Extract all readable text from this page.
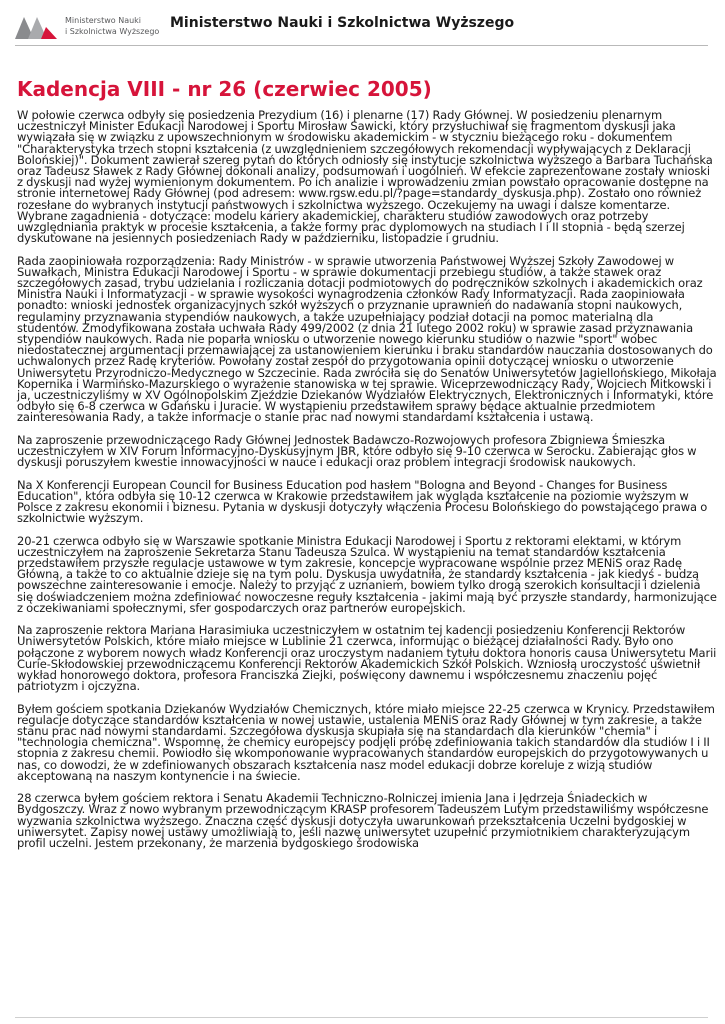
Ministerstwo Nauki
i Szkolnictwa Wyższego Ministerstwo Nauki i Szkolnictwa Wyższego
Kadencja VIII - nr 26 (czerwiec 2005)

W połowie czerwca odbyły się posiedzenia Prezydium (16) i plenarne (17) Rady Głównej. W posiedzeniu plenarnym uczestniczył Minister Edukacji Narodowej i Sportu Mirosław Sawicki, który przysłuchiwał się fragmentom dyskusji jaka wywiązała się w związku z upowszechnionym w środowisku akademickim - w styczniu bieżącego roku - dokumentem "Charakterystyka trzech stopni kształcenia (z uwzględnieniem szczegółowych rekomendacji wypływających z Deklaracji Bolońskiej)". Dokument zawierał szereg pytań do których odniosły się instytucje szkolnictwa wyższego a Barbara Tuchańska oraz Tadeusz Sławek z Rady Głównej dokonali analizy, podsumowań i uogólnień. W efekcie zaprezentowane zostały wnioski z dyskusji nad wyżej wymienionym dokumentem. Po ich analizie i wprowadzeniu zmian powstało opracowanie dostępne na stronie internetowej Rady Głównej (pod adresem: www.rgsw.edu.pl/?page=standardy_dyskusja.php). Zostało ono również rozesłane do wybranych instytucji państwowych i szkolnictwa wyższego. Oczekujemy na uwagi i dalsze komentarze. Wybrane zagadnienia - dotyczące: modelu kariery akademickiej, charakteru studiów zawodowych oraz potrzeby uwzględniania praktyk w procesie kształcenia, a także formy prac dyplomowych na studiach I i II stopnia - będą szerzej dyskutowane na jesiennych posiedzeniach Rady w październiku, listopadzie i grudniu.

Rada zaopiniowała rozporządzenia: Rady Ministrów - w sprawie utworzenia Państwowej Wyższej Szkoły Zawodowej w Suwałkach, Ministra Edukacji Narodowej i Sportu - w sprawie dokumentacji przebiegu studiów, a także stawek oraz szczegółowych zasad, trybu udzielania i rozliczania dotacji podmiotowych do podręczników szkolnych i akademickich oraz Ministra Nauki i Informatyzacji - w sprawie wysokości wynagrodzenia członków Rady Informatyzacji. Rada zaopiniowała ponadto: wnioski jednostek organizacyjnych szkół wyższych o przyznanie uprawnień do nadawania stopni naukowych, regulaminy przyznawania stypendiów naukowych, a także uzupełniający podział dotacji na pomoc materialną dla studentów. Zmodyfikowana została uchwała Rady 499/2002 (z dnia 21 lutego 2002 roku) w sprawie zasad przyznawania stypendiów naukowych. Rada nie poparła wniosku o utworzenie nowego kierunku studiów o nazwie "sport" wobec niedostatecznej argumentacji przemawiającej za ustanowieniem kierunku i braku standardów nauczania dostosowanych do uchwalonych przez Radę kryteriów. Powołany został zespół do przygotowania opinii dotyczącej wniosku o utworzenie Uniwersytetu Przyrodniczo-Medycznego w Szczecinie. Rada zwróciła się do Senatów Uniwersytetów Jagiellońskiego, Mikołaja Kopernika i Warmińsko-Mazurskiego o wyrażenie stanowiska w tej sprawie. Wiceprzewodniczący Rady, Wojciech Mitkowski i ja, uczestniczyliśmy w XV Ogólnopolskim Zjeździe Dziekanów Wydziałów Elektrycznych, Elektronicznych i Informatyki, które odbyło się 6-8 czerwca w Gdańsku i Juracie. W wystąpieniu przedstawiłem sprawy będące aktualnie przedmiotem zainteresowania Rady, a także informacje o stanie prac nad nowymi standardami kształcenia i ustawą.

Na zaproszenie przewodniczącego Rady Głównej Jednostek Badawczo-Rozwojowych profesora Zbigniewa Śmieszka uczestniczyłem w XIV Forum Informacyjno-Dyskusyjnym JBR, które odbyło się 9-10 czerwca w Serocku. Zabierając głos w dyskusji poruszyłem kwestie innowacyjności w nauce i edukacji oraz problem integracji środowisk naukowych.

Na X Konferencji European Council for Business Education pod hasłem "Bologna and Beyond - Changes for Business Education", która odbyła się 10-12 czerwca w Krakowie przedstawiłem jak wygląda kształcenie na poziomie wyższym w Polsce z zakresu ekonomii i biznesu. Pytania w dyskusji dotyczyły włączenia Procesu Bolońskiego do powstającego prawa o szkolnictwie wyższym.

20-21 czerwca odbyło się w Warszawie spotkanie Ministra Edukacji Narodowej i Sportu z rektorami elektami, w którym uczestniczyłem na zaproszenie Sekretarza Stanu Tadeusza Szulca. W wystąpieniu na temat standardów kształcenia przedstawiłem przyszłe regulacje ustawowe w tym zakresie, koncepcje wypracowane wspólnie przez MENiS oraz Radę Główną, a także to co aktualnie dzieje się na tym polu. Dyskusja uwydatniła, że standardy kształcenia - jak kiedyś - budzą powszechne zainteresowanie i emocje. Należy to przyjąć z uznaniem, bowiem tylko drogą szerokich konsultacji i dzielenia się doświadczeniem można zdefiniować nowoczesne reguły kształcenia - jakimi mają być przyszłe standardy, harmonizujące z oczekiwaniami społecznymi, sfer gospodarczych oraz partnerów europejskich.

Na zaproszenie rektora Mariana Harasimiuka uczestniczyłem w ostatnim tej kadencji posiedzeniu Konferencji Rektorów Uniwersytetów Polskich, które miało miejsce w Lublinie 21 czerwca, informując o bieżącej działalności Rady. Było ono połączone z wyborem nowych władz Konferencji oraz uroczystym nadaniem tytułu doktora honoris causa Uniwersytetu Marii Curie-Skłodowskiej przewodniczącemu Konferencji Rektorów Akademickich Szkół Polskich. Wzniosłą uroczystość uświetnił wykład honorowego doktora, profesora Franciszka Ziejki, poświęcony dawnemu i współczesnemu znaczeniu pojęć patriotyzm i ojczyzna.

Byłem gościem spotkania Dziekanów Wydziałów Chemicznych, które miało miejsce 22-25 czerwca w Krynicy. Przedstawiłem regulacje dotyczące standardów kształcenia w nowej ustawie, ustalenia MENiS oraz Rady Głównej w tym zakresie, a także stanu prac nad nowymi standardami. Szczegółowa dyskusja skupiała się na standardach dla kierunków "chemia" i "technologia chemiczna". Wspomnę, że chemicy europejscy podjęli próbę zdefiniowania takich standardów dla studiów I i II stopnia z zakresu chemii. Powiodło się wkomponowanie wypracowanych standardów europejskich do przygotowywanych u nas, co dowodzi, że w zdefiniowanych obszarach kształcenia nasz model edukacji dobrze koreluje z wizją studiów akceptowaną na naszym kontynencie i na świecie.

28 czerwca byłem gościem rektora i Senatu Akademii Techniczno-Rolniczej imienia Jana i Jędrzeja Śniadeckich w Bydgoszczy. Wraz z nowo wybranym przewodniczącym KRASP profesorem Tadeuszem Lutym przedstawiliśmy współczesne wyzwania szkolnictwa wyższego. Znaczna część dyskusji dotyczyła uwarunkowań przekształcenia Uczelni bydgoskiej w uniwersytet. Zapisy nowej ustawy umożliwiają to, jeśli nazwę uniwersytet uzupełnić przymiotnikiem charakteryzującym profil uczelni. Jestem przekonany, że marzenia bydgoskiego środowiska
